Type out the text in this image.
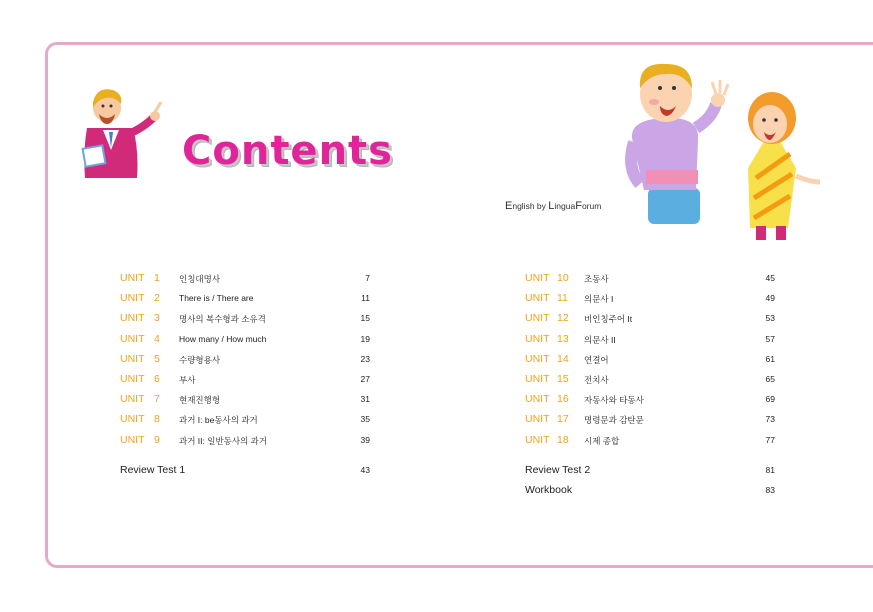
Contents
English by LinguaForum
UNIT 1 인칭대명사	7
UNIT 2 There is / There are	11
UNIT 3 명사의 복수형과 소유격	15
UNIT 4 How many / How much	19
UNIT 5 수량형용사	23
UNIT 6 부사	27
UNIT 7 현재진행형	31
UNIT 8 과거 I: be동사의 과거	35
UNIT 9 과거 II: 일반동사의 과거	39
Review Test 1	43
UNIT 10 조동사	45
UNIT 11 의문사 I	49
UNIT 12 비인칭주어 It	53
UNIT 13 의문사 II	57
UNIT 14 연결어	61
UNIT 15 전치사	65
UNIT 16 자동사와 타동사	69
UNIT 17 명령문과 감탄문	73
UNIT 18 시제 종합	77
Review Test 2	81
Workbook	83
